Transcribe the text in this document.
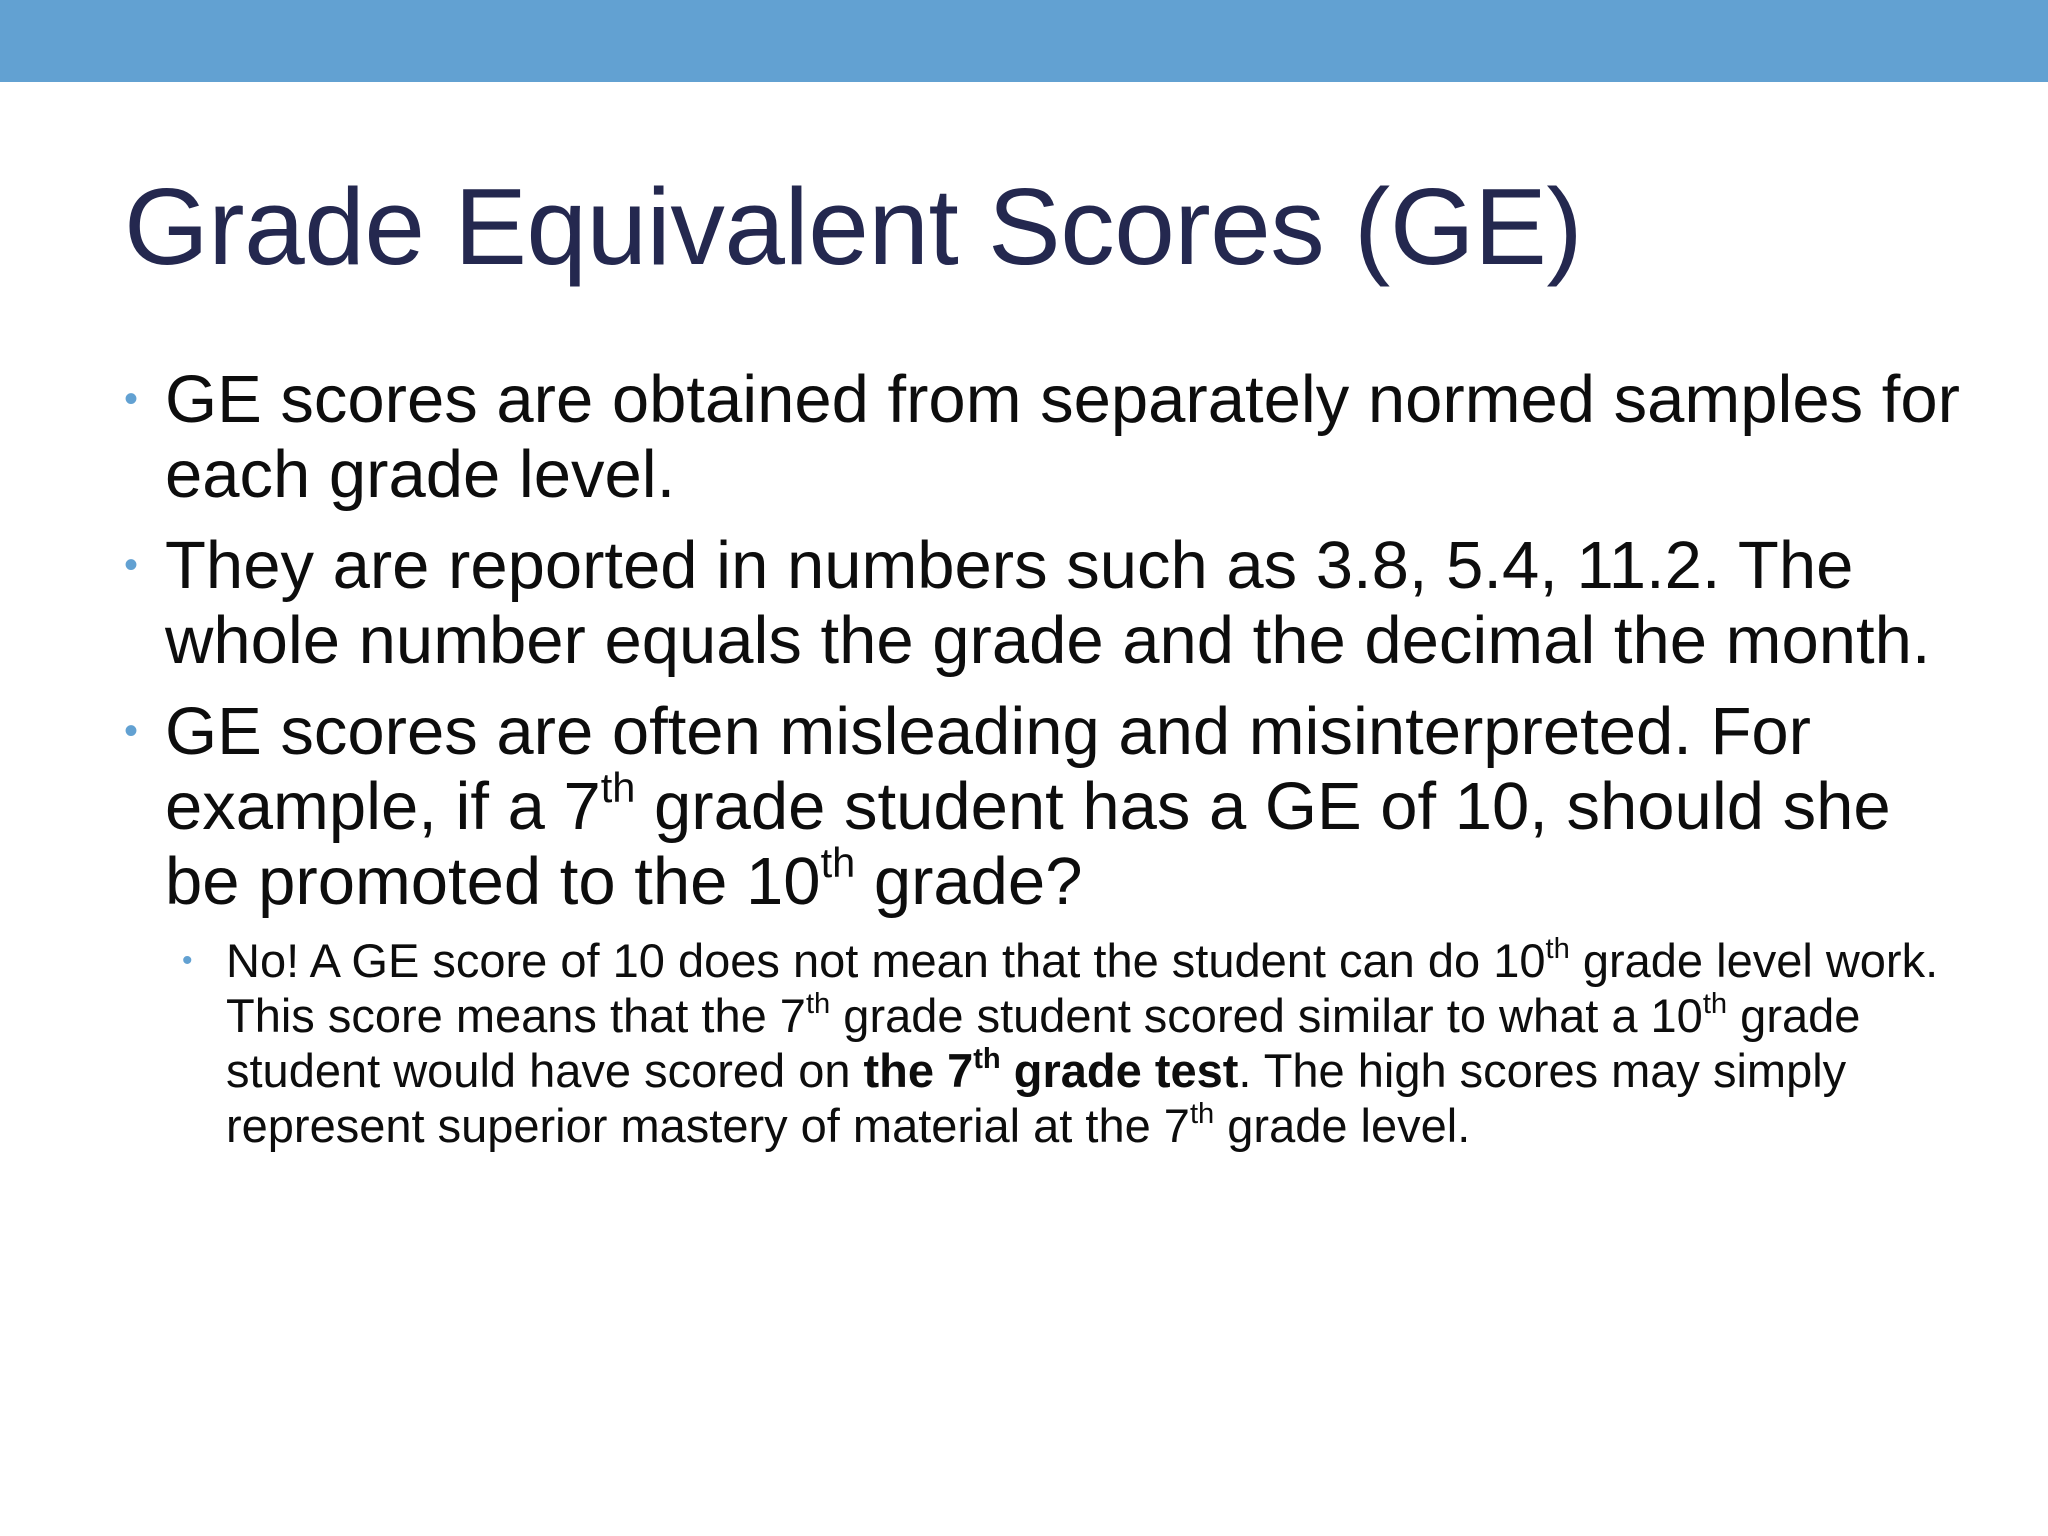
Grade Equivalent Scores (GE)
• GE scores are obtained from separately normed samples for each grade level.
• They are reported in numbers such as 3.8, 5.4, 11.2. The whole number equals the grade and the decimal the month.
• GE scores are often misleading and misinterpreted. For example, if a 7th grade student has a GE of 10, should she be promoted to the 10th grade?
• No! A GE score of 10 does not mean that the student can do 10th grade level work. This score means that the 7th grade student scored similar to what a 10th grade student would have scored on the 7th grade test. The high scores may simply represent superior mastery of material at the 7th grade level.
